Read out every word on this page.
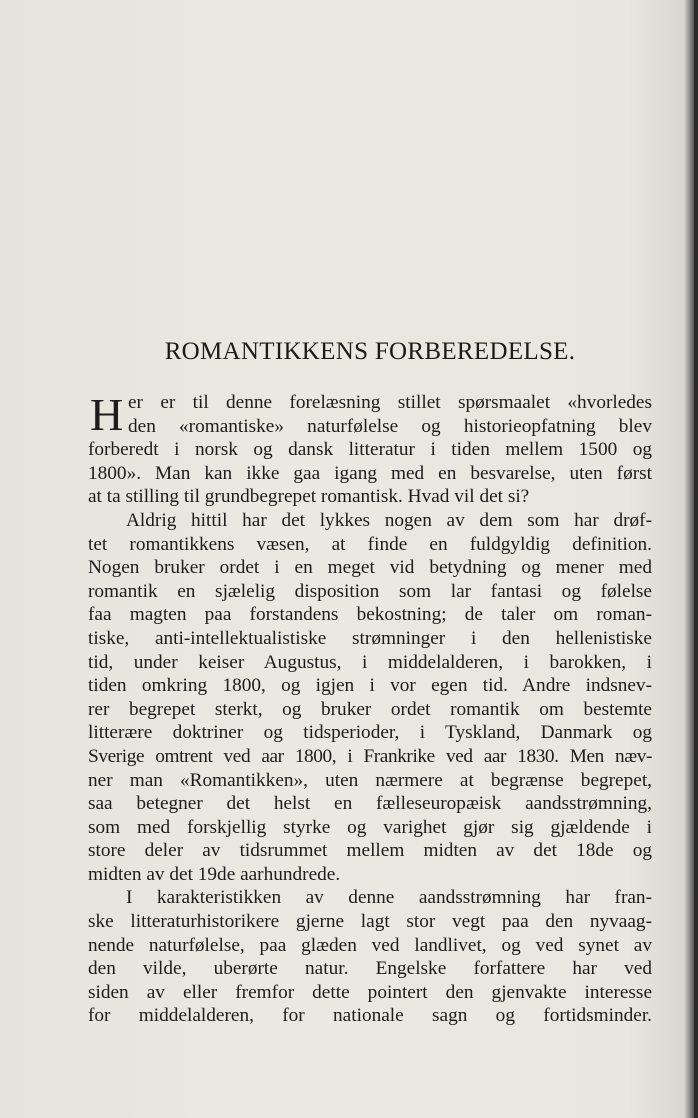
ROMANTIKKENS FORBEREDELSE.
H er er til denne forelæsning stillet spørsmaalet «hvorledes
den «romantiske» naturfølelse og historieopfatning blev
forberedt i norsk og dansk litteratur i tiden mellem 1500 og
1800». Man kan ikke gaa igang med en besvarelse, uten først
at ta stilling til grundbegrepet romantisk. Hvad vil det si?
Aldrig hittil har det lykkes nogen av dem som har drøf-
tet romantikkens væsen, at finde en fuldgyldig definition.
Nogen bruker ordet i en meget vid betydning og mener med
romantik en sjælelig disposition som lar fantasi og følelse
faa magten paa forstandens bekostning; de taler om roman-
tiske, anti-intellektualistiske strømninger i den hellenistiske
tid, under keiser Augustus, i middelalderen, i barokken, i
tiden omkring 1800, og igjen i vor egen tid. Andre indsnev-
rer begrepet sterkt, og bruker ordet romantik om bestemte
litterære doktriner og tidsperioder, i Tyskland, Danmark og
Sverige omtrent ved aar 1800, i Frankrike ved aar 1830. Men næv-
ner man «Romantikken», uten nærmere at begrænse begrepet,
saa betegner det helst en fælleseuropæisk aandsstrømning,
som med forskjellig styrke og varighet gjør sig gjældende i
store deler av tidsrummet mellem midten av det 18de og
midten av det 19de aarhundrede.
I karakteristikken av denne aandsstrømning har fran-
ske litteraturhistorikere gjerne lagt stor vegt paa den nyvaag-
nende naturfølelse, paa glæden ved landlivet, og ved synet av
den vilde, uberørte natur. Engelske forfattere har ved
siden av eller fremfor dette pointert den gjenvakte interesse
for middelalderen, for nationale sagn og fortidsminder.
